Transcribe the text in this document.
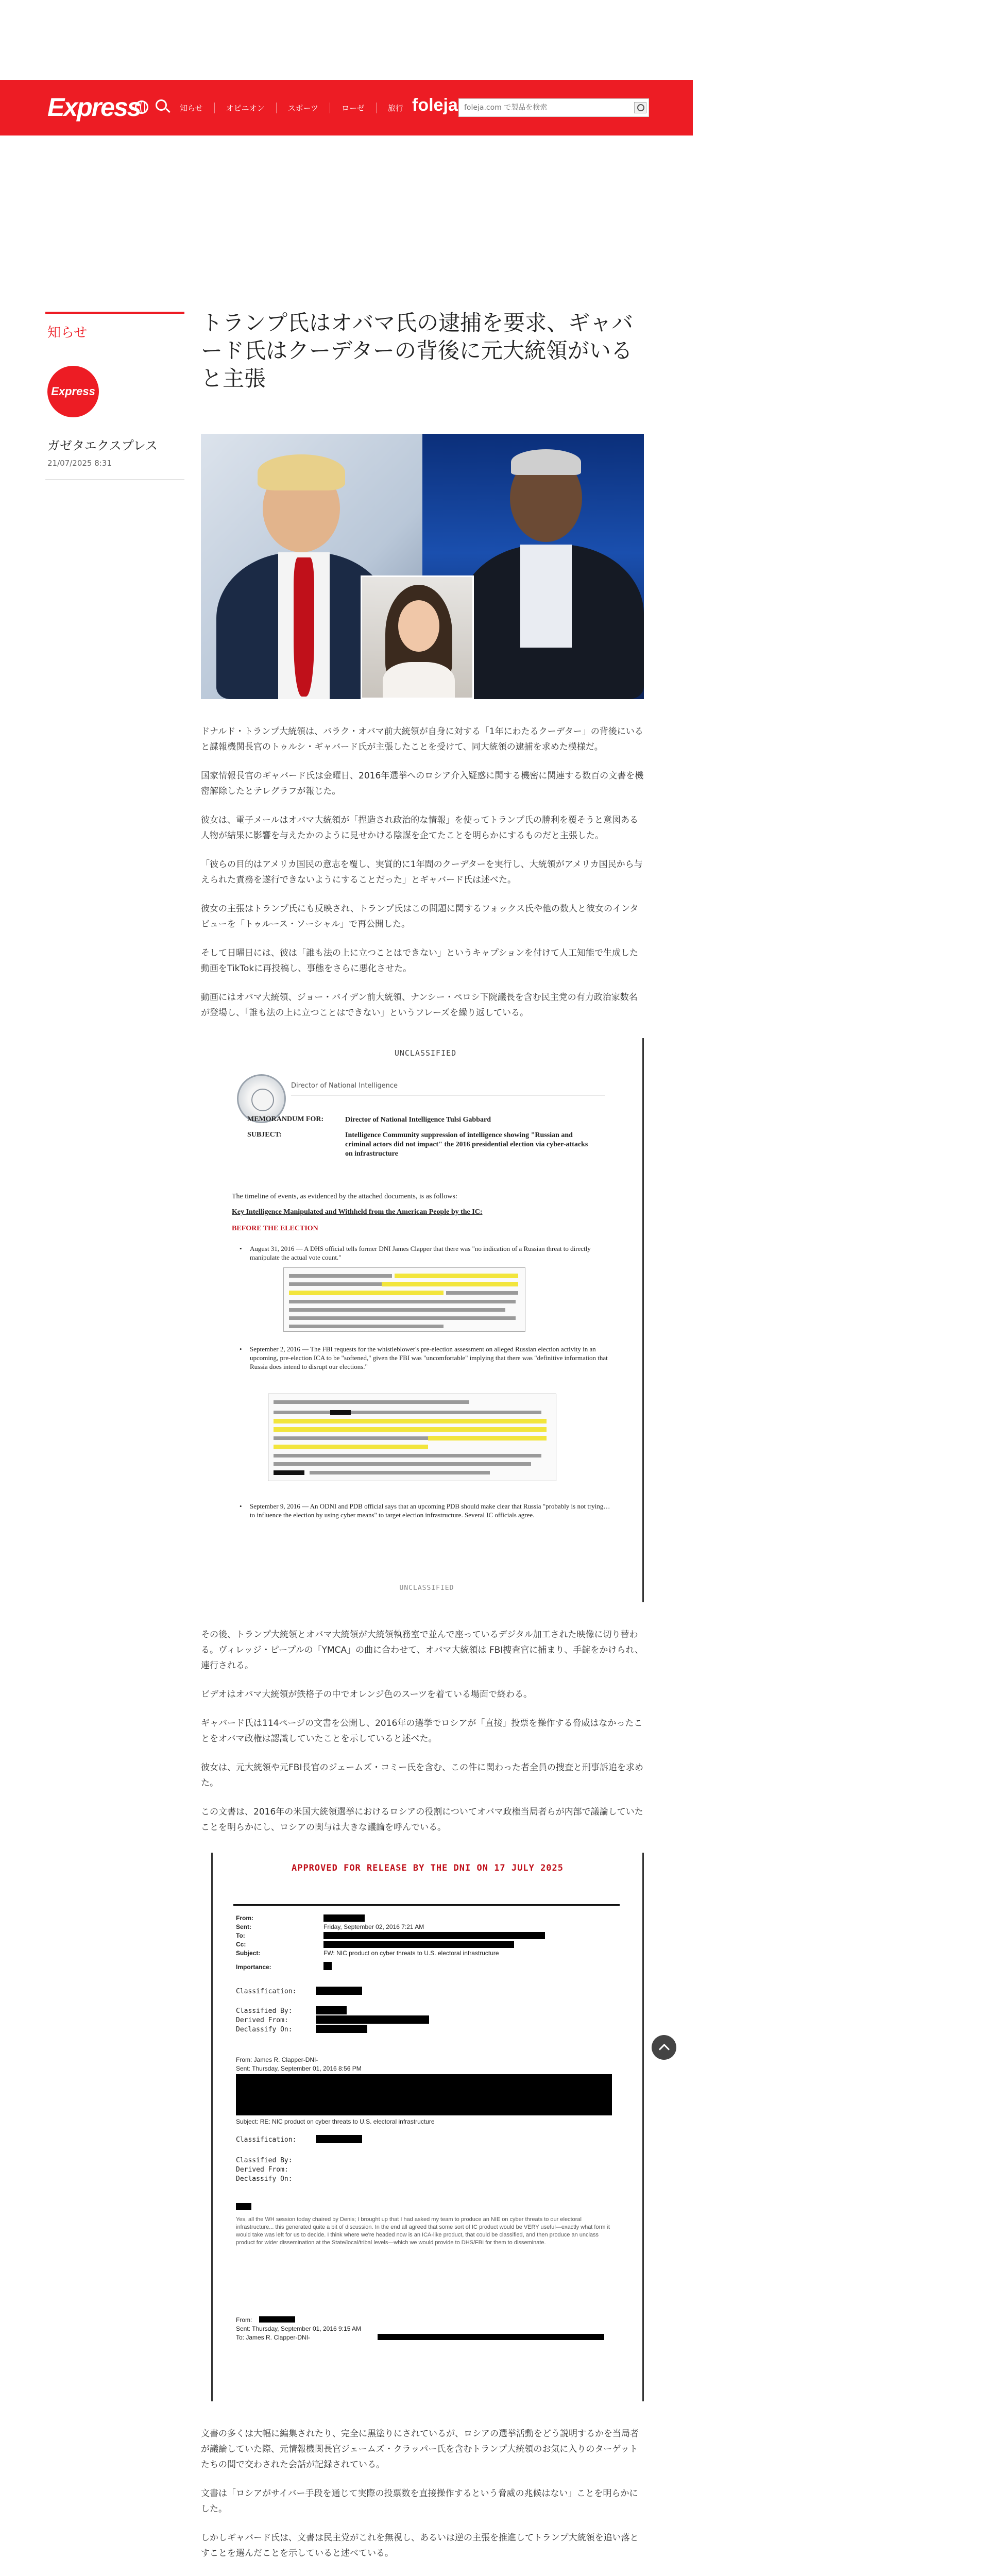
Express	知らせ	オピニオン	スポーツ	ローゼ	旅行 foleja
foleja.com で製品を検索
知らせ
Express
ガゼタエクスプレス
21/07/2025 8:31
トランプ氏はオバマ氏の逮捕を要求、ギャバード氏はクーデターの背後に元大統領がいると主張

ドナルド・トランプ大統領は、バラク・オバマ前大統領が自身に対する「1年にわたるクーデター」の背後にいると諜報機関長官のトゥルシ・ギャバード氏が主張したことを受けて、同大統領の逮捕を求めた模様だ。

国家情報長官のギャバード氏は金曜日、2016年選挙へのロシア介入疑惑に関する機密に関連する数百の文書を機密解除したとテレグラフが報じた。

彼女は、電子メールはオバマ大統領が「捏造され政治的な情報」を使ってトランプ氏の勝利を覆そうと意図ある人物が結果に影響を与えたかのように見せかける陰謀を企てたことを明らかにするものだと主張した。

「彼らの目的はアメリカ国民の意志を覆し、実質的に1年間のクーデターを実行し、大統領がアメリカ国民から与えられた責務を遂行できないようにすることだった」とギャバード氏は述べた。

彼女の主張はトランプ氏にも反映され、トランプ氏はこの問題に関するフォックス氏や他の数人と彼女のインタビューを「トゥルース・ソーシャル」で再公開した。

そして日曜日には、彼は「誰も法の上に立つことはできない」というキャプションを付けて人工知能で生成した動画をTikTokに再投稿し、事態をさらに悪化させた。

動画にはオバマ大統領、ジョー・バイデン前大統領、ナンシー・ペロシ下院議長を含む民主党の有力政治家数名が登場し、「誰も法の上に立つことはできない」というフレーズを繰り返している。

UNCLASSIFIED
Director of National Intelligence
MEMORANDUM FOR:	Director of National Intelligence Tulsi Gabbard
SUBJECT:	Intelligence Community suppression of intelligence showing "Russian and criminal actors did not impact" the 2016 presidential election via cyber-attacks on infrastructure
The timeline of events, as evidenced by the attached documents, is as follows:
Key Intelligence Manipulated and Withheld from the American People by the IC:
BEFORE THE ELECTION
• August 31, 2016 — A DHS official tells former DNI James Clapper that there was "no indication of a Russian threat to directly manipulate the actual vote count."
• September 2, 2016 — The FBI requests for the whistleblower's pre-election assessment on alleged Russian election activity in an upcoming, pre-election ICA to be "softened," given the FBI was "uncomfortable" implying that there was "definitive information that Russia does intend to disrupt our elections."
• September 9, 2016 — An ODNI and PDB official says that an upcoming PDB should make clear that Russia "probably is not trying…to influence the election by using cyber means" to target election infrastructure. Several IC officials agree.
UNCLASSIFIED

その後、トランプ大統領とオバマ大統領が大統領執務室で並んで座っているデジタル加工された映像に切り替わる。ヴィレッジ・ピープルの「YMCA」の曲に合わせて、オバマ大統領は FBI捜査官に捕まり、手錠をかけられ、連行される。

ビデオはオバマ大統領が鉄格子の中でオレンジ色のスーツを着ている場面で終わる。

ギャバード氏は114ページの文書を公開し、2016年の選挙でロシアが「直接」投票を操作する脅威はなかったことをオバマ政権は認識していたことを示していると述べた。

彼女は、元大統領や元FBI長官のジェームズ・コミー氏を含む、この件に関わった者全員の捜査と刑事訴追を求めた。

この文書は、2016年の米国大統領選挙におけるロシアの役割についてオバマ政権当局者らが内部で議論していたことを明らかにし、ロシアの関与は大きな議論を呼んでいる。

APPROVED FOR RELEASE BY THE DNI ON 17 JULY 2025
From:
Sent:	Friday, September 02, 2016 7:21 AM
To:
Cc:
Subject:	FW: NIC product on cyber threats to U.S. electoral infrastructure
Importance:
Classification:
Classified By:
Derived From:
Declassify On:
From: James R. Clapper-DNI-
Sent: Thursday, September 01, 2016 8:56 PM
Subject: RE: NIC product on cyber threats to U.S. electoral infrastructure
Classification:
Classified By:
Derived From:
Declassify On:
Yes, all the WH session today chaired by Denis; I brought up that I had asked my team to produce an NIE on cyber threats to our electoral infrastructure... this generated quite a bit of discussion. In the end all agreed that some sort of IC product would be VERY useful—exactly what form it would take was left for us to decide. I think where we're headed now is an ICA-like product, that could be classified, and then produce an unclass product for wider dissemination at the State/local/tribal levels—which we would provide to DHS/FBI for them to disseminate.
From:
Sent: Thursday, September 01, 2016 9:15 AM
To: James R. Clapper-DNI-

文書の多くは大幅に編集されたり、完全に黒塗りにされているが、ロシアの選挙活動をどう説明するかを当局者が議論していた際、元情報機関長官ジェームズ・クラッパー氏を含むトランプ大統領のお気に入りのターゲットたちの間で交わされた会話が記録されている。

文書は「ロシアがサイバー手段を通じて実際の投票数を直接操作するという脅威の兆候はない」ことを明らかにした。

しかしギャバード氏は、文書は民主党がこれを無視し、あるいは逆の主張を推進してトランプ大統領を追い落とすことを選んだことを示していると述べている。
